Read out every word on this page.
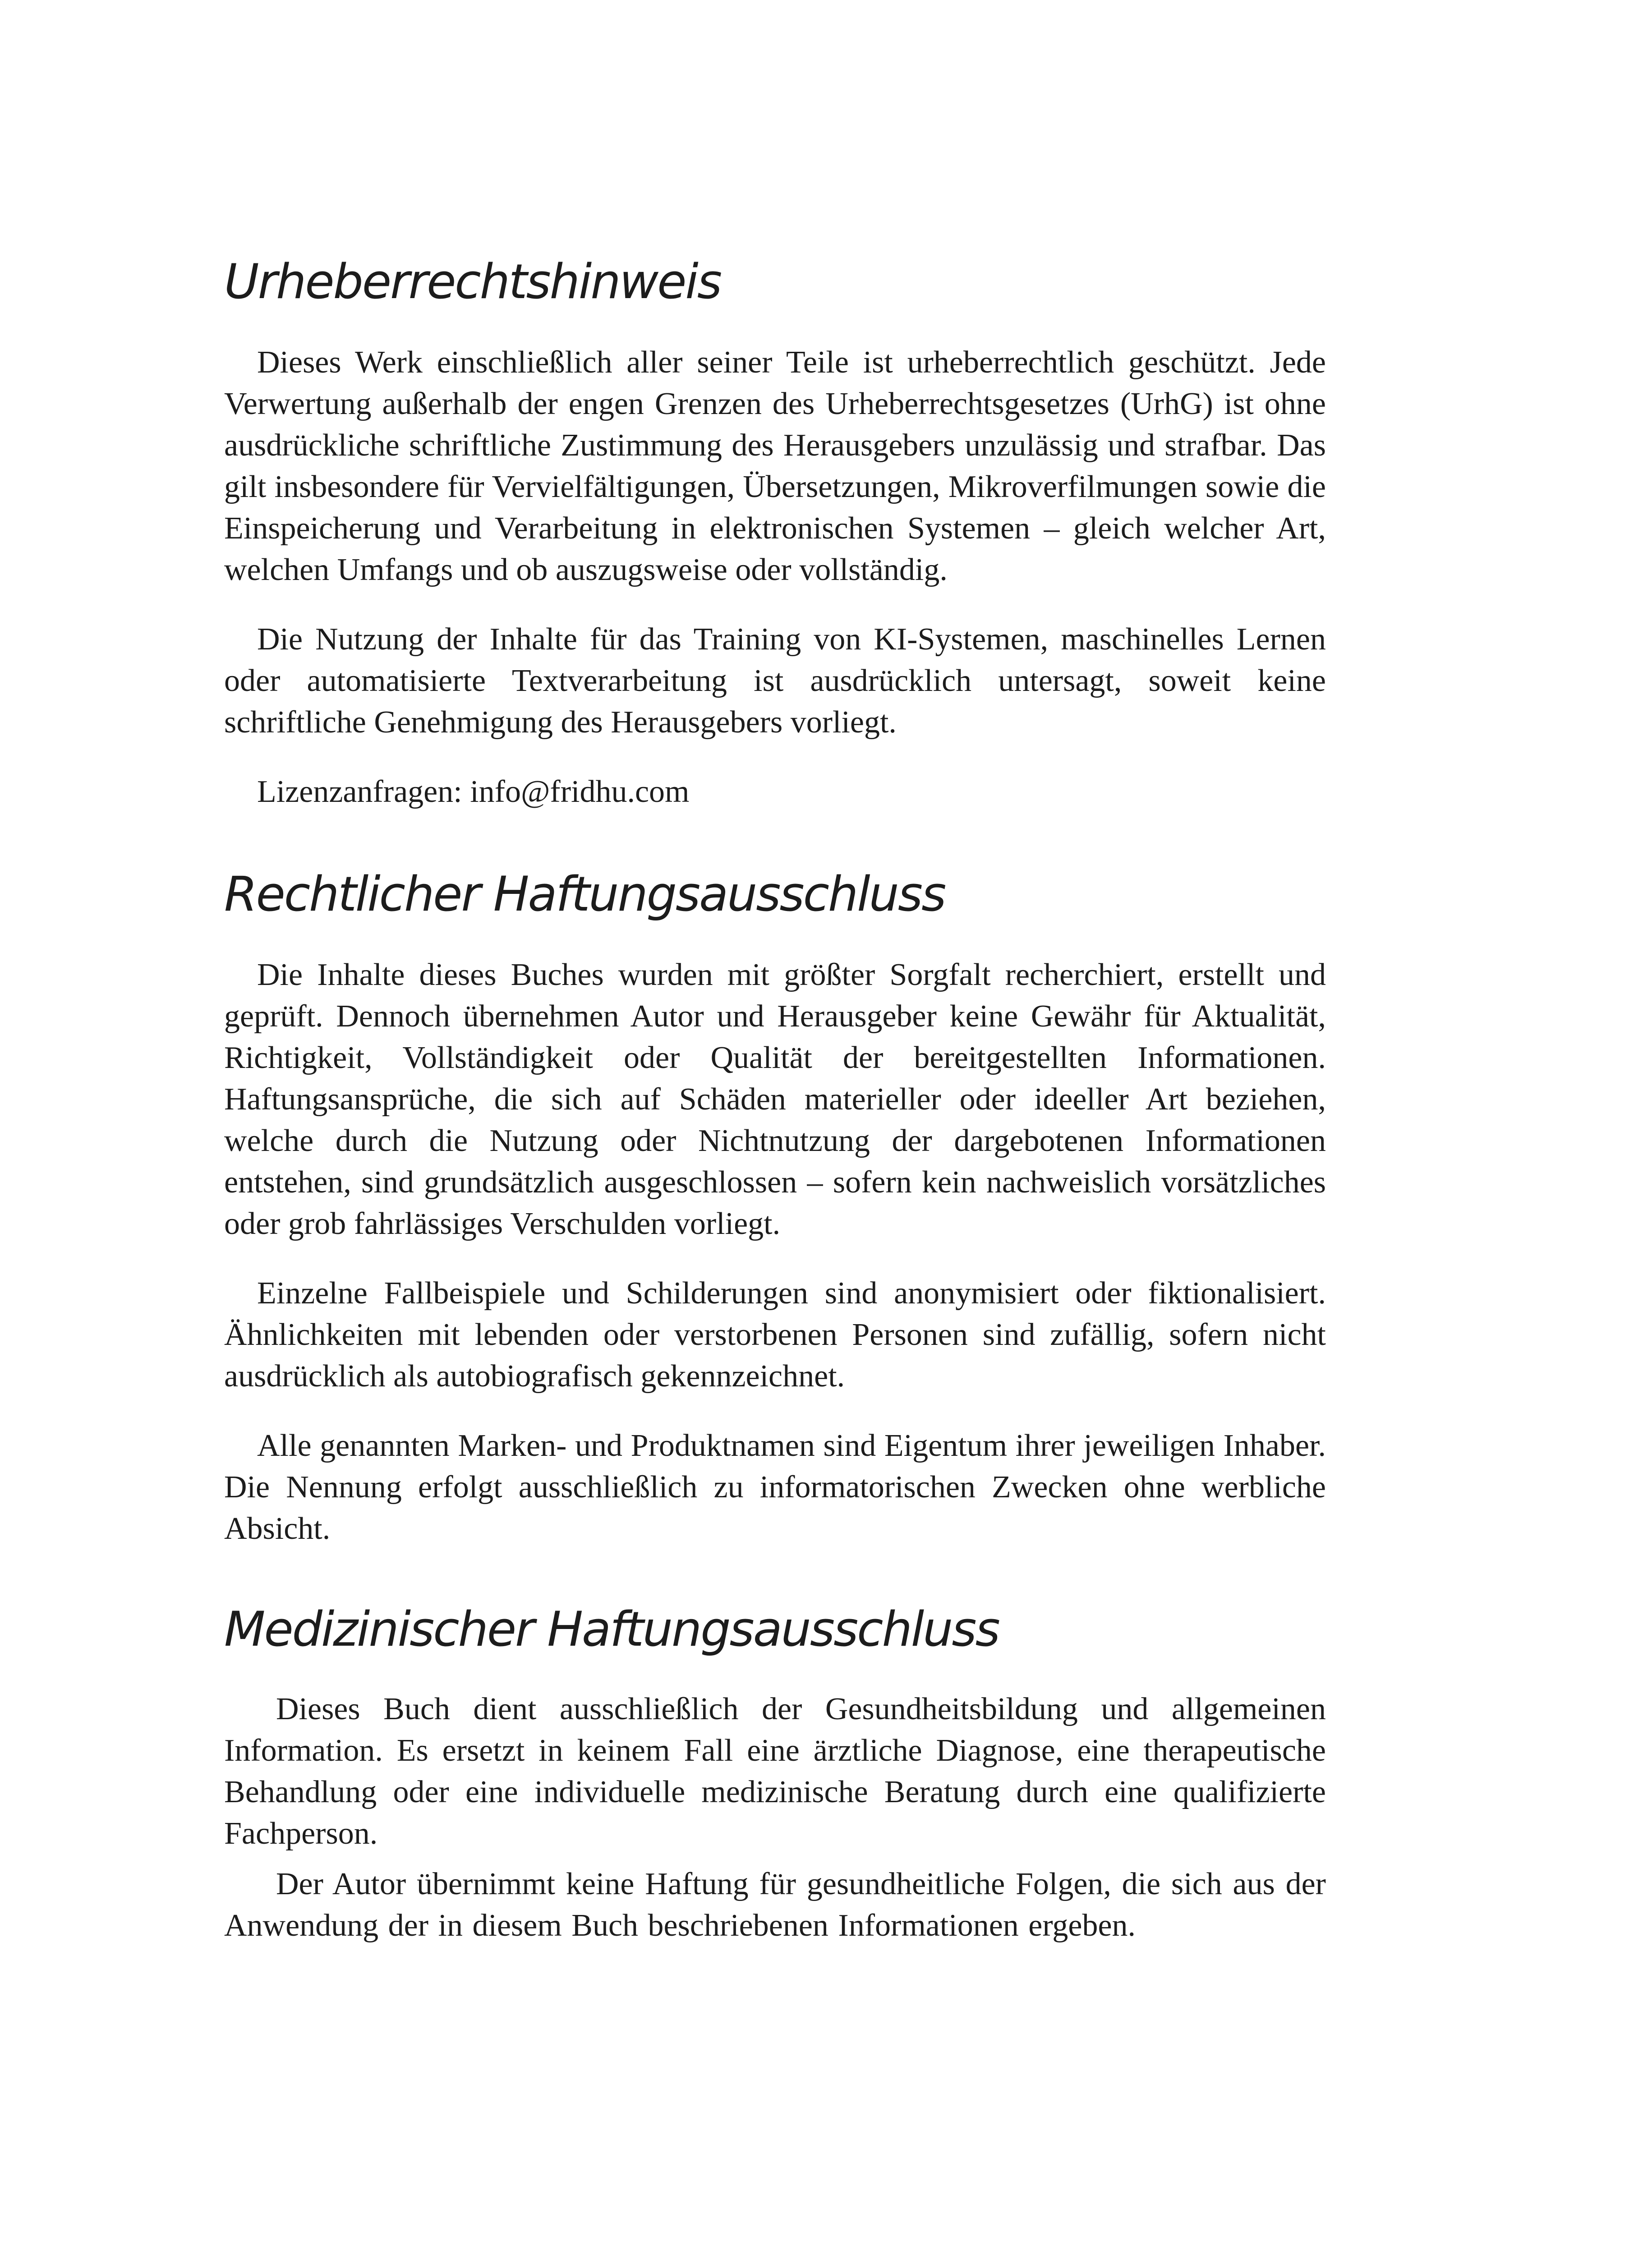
Urheberrechtshinweis

Dieses Werk einschließlich aller seiner Teile ist urheberrechtlich geschützt. Jede Verwertung außerhalb der engen Grenzen des Urheberrechtsgesetzes (UrhG) ist ohne ausdrückliche schriftliche Zustimmung des Herausgebers unzulässig und strafbar. Das gilt insbesondere für Vervielfältigungen, Übersetzungen, Mikroverfilmungen sowie die Einspeicherung und Verarbeitung in elektronischen Systemen – gleich welcher Art, welchen Umfangs und ob auszugsweise oder vollständig.

Die Nutzung der Inhalte für das Training von KI-Systemen, maschinelles Lernen oder automatisierte Textverarbeitung ist ausdrücklich untersagt, soweit keine schriftliche Genehmigung des Herausgebers vorliegt.

Lizenzanfragen: info@fridhu.com

Rechtlicher Haftungsausschluss

Die Inhalte dieses Buches wurden mit größter Sorgfalt recherchiert, erstellt und geprüft. Dennoch übernehmen Autor und Herausgeber keine Gewähr für Aktualität, Richtigkeit, Vollständigkeit oder Qualität der bereitgestellten Informationen. Haftungsansprüche, die sich auf Schäden materieller oder ideeller Art beziehen, welche durch die Nutzung oder Nichtnutzung der dargebotenen Informationen entstehen, sind grundsätzlich ausgeschlossen – sofern kein nachweislich vorsätzliches oder grob fahrlässiges Verschulden vorliegt.

Einzelne Fallbeispiele und Schilderungen sind anonymisiert oder fiktionalisiert. Ähnlichkeiten mit lebenden oder verstorbenen Personen sind zufällig, sofern nicht ausdrücklich als autobiografisch gekennzeichnet.

Alle genannten Marken- und Produktnamen sind Eigentum ihrer jeweiligen Inhaber. Die Nennung erfolgt ausschließlich zu informatorischen Zwecken ohne werbliche Absicht.

Medizinischer Haftungsausschluss

Dieses Buch dient ausschließlich der Gesundheitsbildung und allgemeinen Information. Es ersetzt in keinem Fall eine ärztliche Diagnose, eine therapeutische Behandlung oder eine individuelle medizinische Beratung durch eine qualifizierte Fachperson.

Der Autor übernimmt keine Haftung für gesundheitliche Folgen, die sich aus der Anwendung der in diesem Buch beschriebenen Informationen ergeben.
